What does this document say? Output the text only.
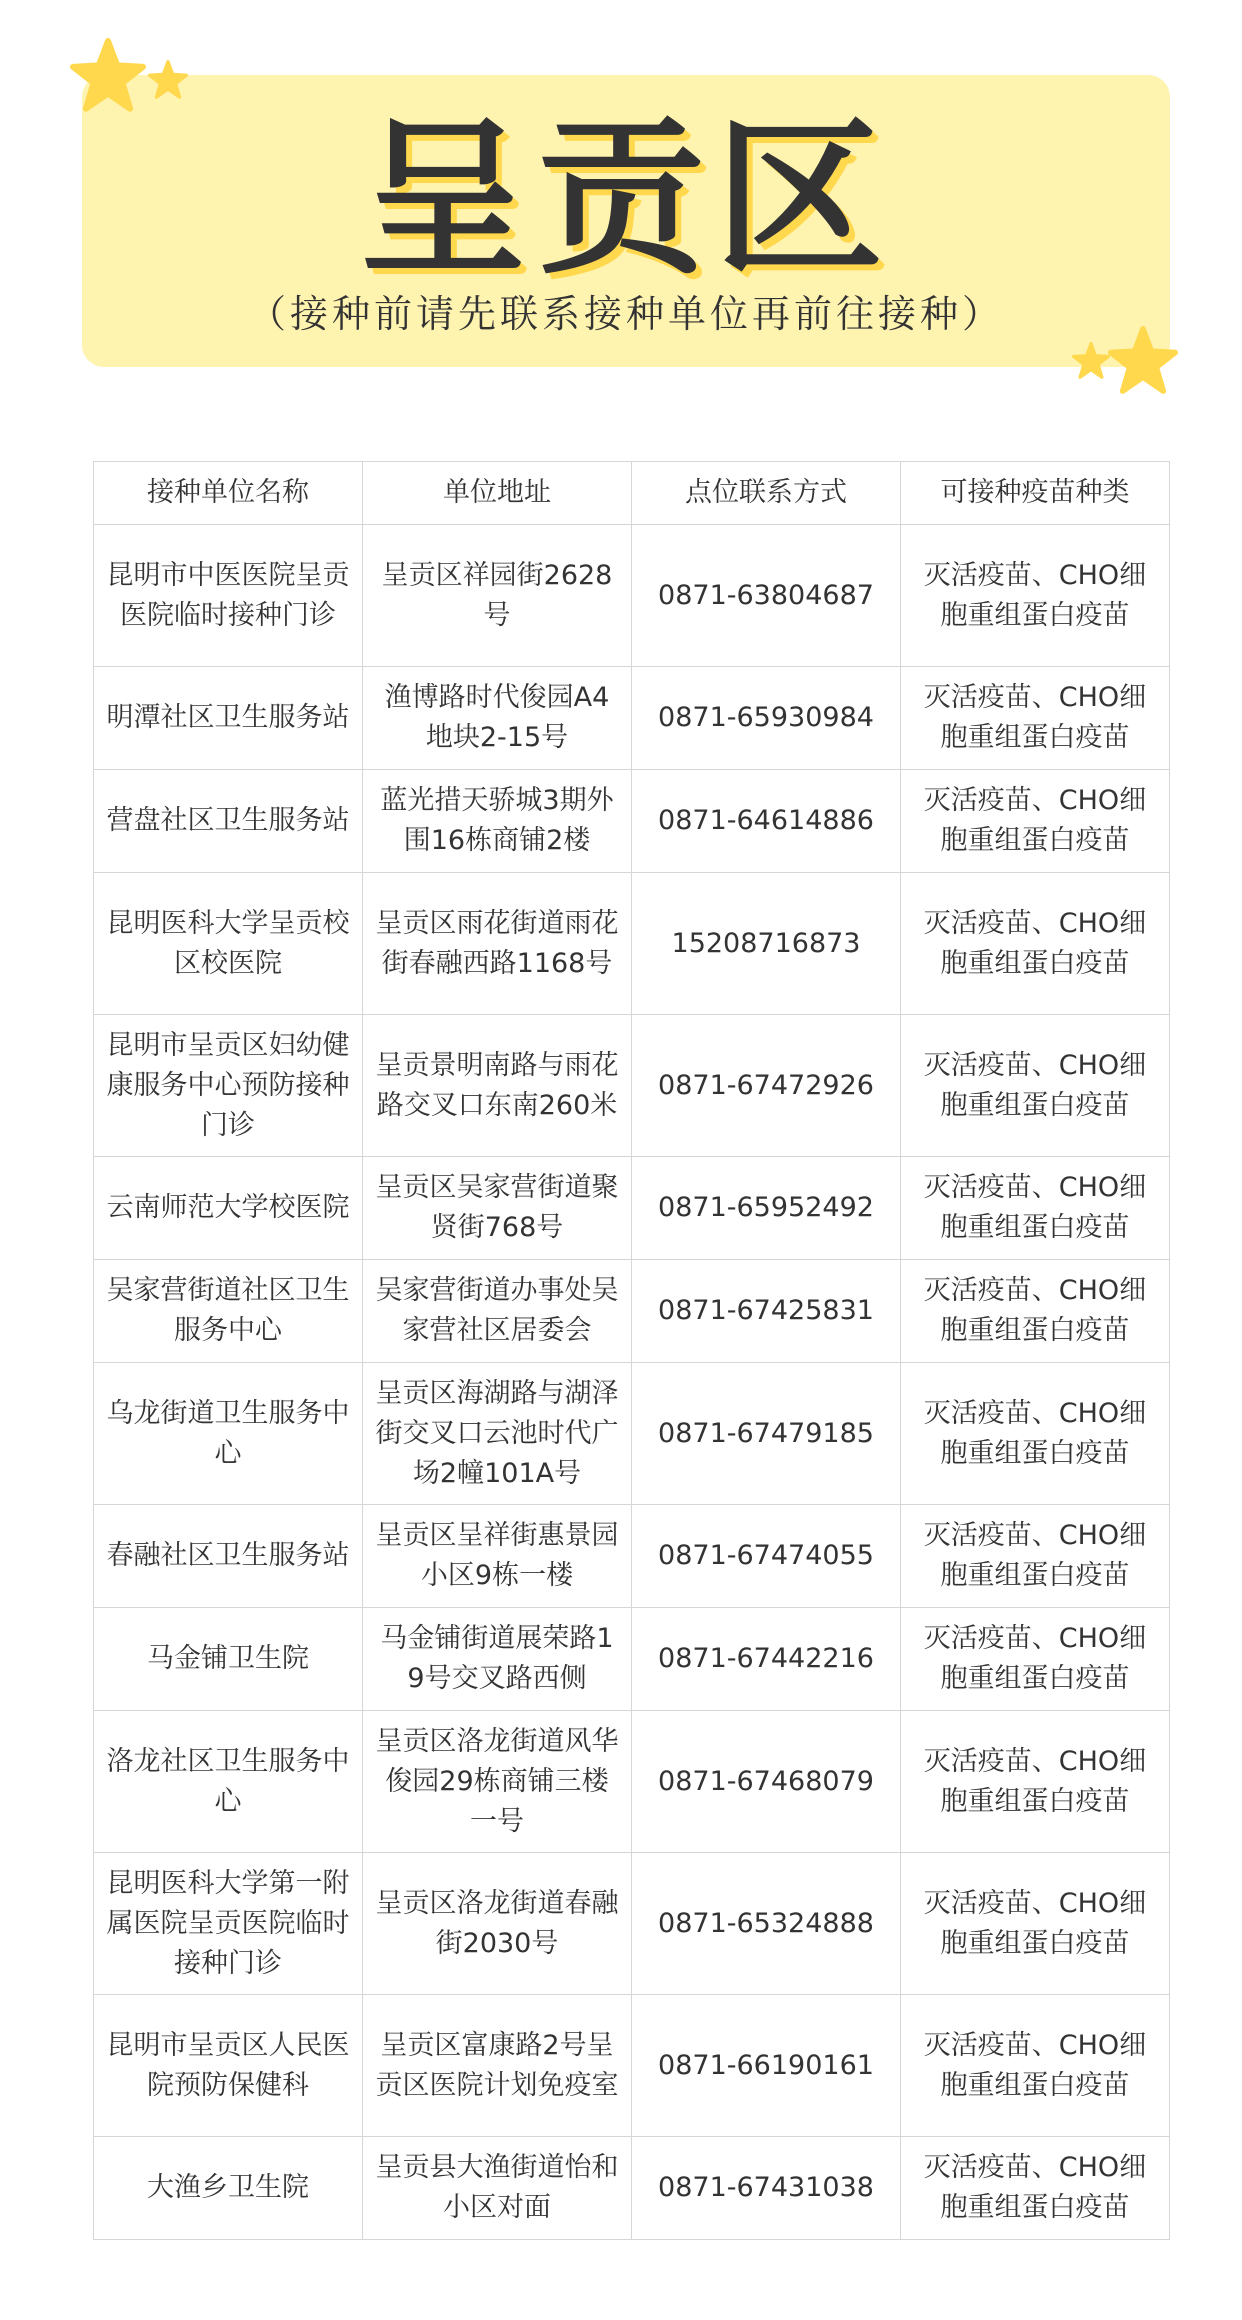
呈贡区
（接种前请先联系接种单位再前往接种）
接种单位名称	单位地址	点位联系方式	可接种疫苗种类
昆明市中医医院呈贡医院临时接种门诊	呈贡区祥园街2628号	0871-63804687	灭活疫苗、CHO细胞重组蛋白疫苗
明潭社区卫生服务站	渔博路时代俊园A4地块2-15号	0871-65930984	灭活疫苗、CHO细胞重组蛋白疫苗
营盘社区卫生服务站	蓝光措天骄城3期外围16栋商铺2楼	0871-64614886	灭活疫苗、CHO细胞重组蛋白疫苗
昆明医科大学呈贡校区校医院	呈贡区雨花街道雨花街春融西路1168号	15208716873	灭活疫苗、CHO细胞重组蛋白疫苗
昆明市呈贡区妇幼健康服务中心预防接种门诊	呈贡景明南路与雨花路交叉口东南260米	0871-67472926	灭活疫苗、CHO细胞重组蛋白疫苗
云南师范大学校医院	呈贡区吴家营街道聚贤街768号	0871-65952492	灭活疫苗、CHO细胞重组蛋白疫苗
吴家营街道社区卫生服务中心	吴家营街道办事处吴家营社区居委会	0871-67425831	灭活疫苗、CHO细胞重组蛋白疫苗
乌龙街道卫生服务中心	呈贡区海湖路与湖泽街交叉口云池时代广场2幢101A号	0871-67479185	灭活疫苗、CHO细胞重组蛋白疫苗
春融社区卫生服务站	呈贡区呈祥街惠景园小区9栋一楼	0871-67474055	灭活疫苗、CHO细胞重组蛋白疫苗
马金铺卫生院	马金铺街道展荣路19号交叉路西侧	0871-67442216	灭活疫苗、CHO细胞重组蛋白疫苗
洛龙社区卫生服务中心	呈贡区洛龙街道风华俊园29栋商铺三楼一号	0871-67468079	灭活疫苗、CHO细胞重组蛋白疫苗
昆明医科大学第一附属医院呈贡医院临时接种门诊	呈贡区洛龙街道春融街2030号	0871-65324888	灭活疫苗、CHO细胞重组蛋白疫苗
昆明市呈贡区人民医院预防保健科	呈贡区富康路2号呈贡区医院计划免疫室	0871-66190161	灭活疫苗、CHO细胞重组蛋白疫苗
大渔乡卫生院	呈贡县大渔街道怡和小区对面	0871-67431038	灭活疫苗、CHO细胞重组蛋白疫苗
